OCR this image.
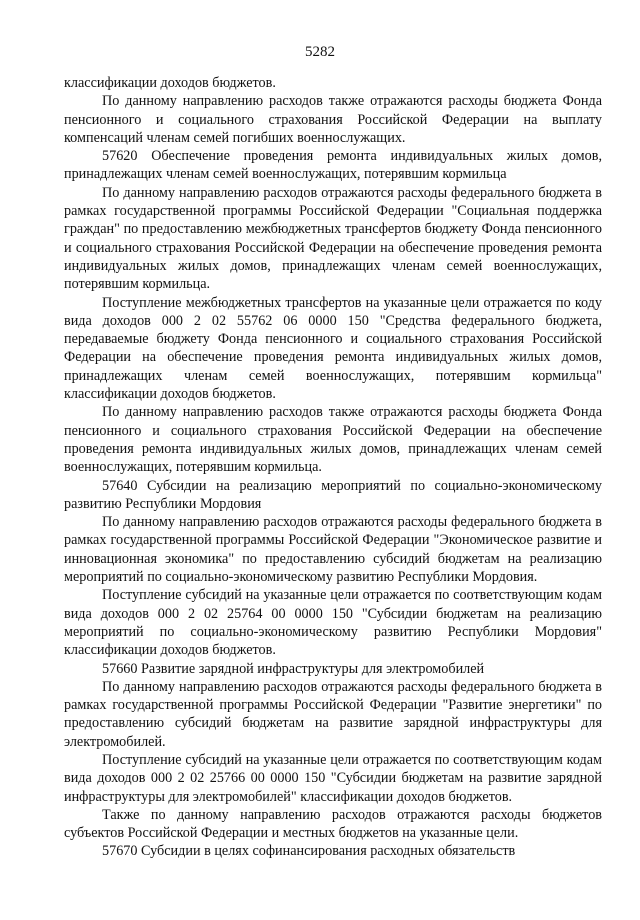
5282

классификации доходов бюджетов.

По данному направлению расходов также отражаются расходы бюджета Фонда пенсионного и социального страхования Российской Федерации на выплату компенсаций членам семей погибших военнослужащих.

57620 Обеспечение проведения ремонта индивидуальных жилых домов, принадлежащих членам семей военнослужащих, потерявшим кормильца

По данному направлению расходов отражаются расходы федерального бюджета в рамках государственной программы Российской Федерации "Социальная поддержка граждан" по предоставлению межбюджетных трансфертов бюджету Фонда пенсионного и социального страхования Российской Федерации на обеспечение проведения ремонта индивидуальных жилых домов, принадлежащих членам семей военнослужащих, потерявшим кормильца.

Поступление межбюджетных трансфертов на указанные цели отражается по коду вида доходов 000 2 02 55762 06 0000 150 "Средства федерального бюджета, передаваемые бюджету Фонда пенсионного и социального страхования Российской Федерации на обеспечение проведения ремонта индивидуальных жилых домов, принадлежащих членам семей военнослужащих, потерявшим кормильца" классификации доходов бюджетов.

По данному направлению расходов также отражаются расходы бюджета Фонда пенсионного и социального страхования Российской Федерации на обеспечение проведения ремонта индивидуальных жилых домов, принадлежащих членам семей военнослужащих, потерявшим кормильца.

57640 Субсидии на реализацию мероприятий по социально-экономическому развитию Республики Мордовия

По данному направлению расходов отражаются расходы федерального бюджета в рамках государственной программы Российской Федерации "Экономическое развитие и инновационная экономика" по предоставлению субсидий бюджетам на реализацию мероприятий по социально-экономическому развитию Республики Мордовия.

Поступление субсидий на указанные цели отражается по соответствующим кодам вида доходов 000 2 02 25764 00 0000 150 "Субсидии бюджетам на реализацию мероприятий по социально-экономическому развитию Республики Мордовия" классификации доходов бюджетов.

57660 Развитие зарядной инфраструктуры для электромобилей

По данному направлению расходов отражаются расходы федерального бюджета в рамках государственной программы Российской Федерации "Развитие энергетики" по предоставлению субсидий бюджетам на развитие зарядной инфраструктуры для электромобилей.

Поступление субсидий на указанные цели отражается по соответствующим кодам вида доходов 000 2 02 25766 00 0000 150 "Субсидии бюджетам на развитие зарядной инфраструктуры для электромобилей" классификации доходов бюджетов.

Также по данному направлению расходов отражаются расходы бюджетов субъектов Российской Федерации и местных бюджетов на указанные цели.

57670 Субсидии в целях софинансирования расходных обязательств
